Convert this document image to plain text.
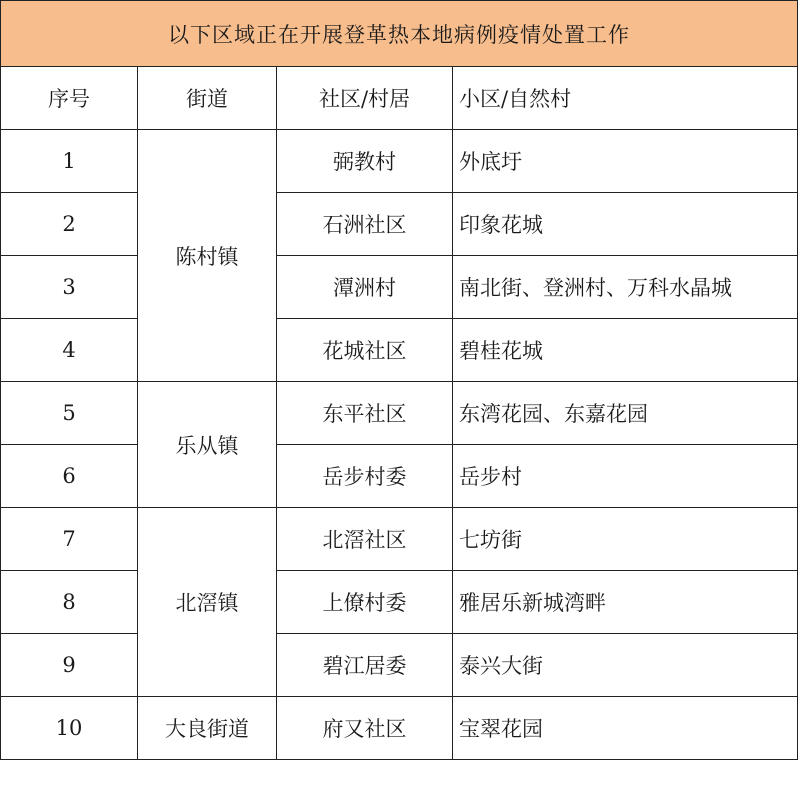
以下区域正在开展登革热本地病例疫情处置工作			
序号	街道	社区/村居	小区/自然村
1	陈村镇	弼教村	外底圩
2		石洲社区	印象花城
3		潭洲村	南北街、登洲村、万科水晶城
4		花城社区	碧桂花城
5	乐从镇	东平社区	东湾花园、东嘉花园
6		岳步村委	岳步村
7	北滘镇	北滘社区	七坊街
8		上僚村委	雅居乐新城湾畔
9		碧江居委	泰兴大街
10	大良街道	府又社区	宝翠花园
